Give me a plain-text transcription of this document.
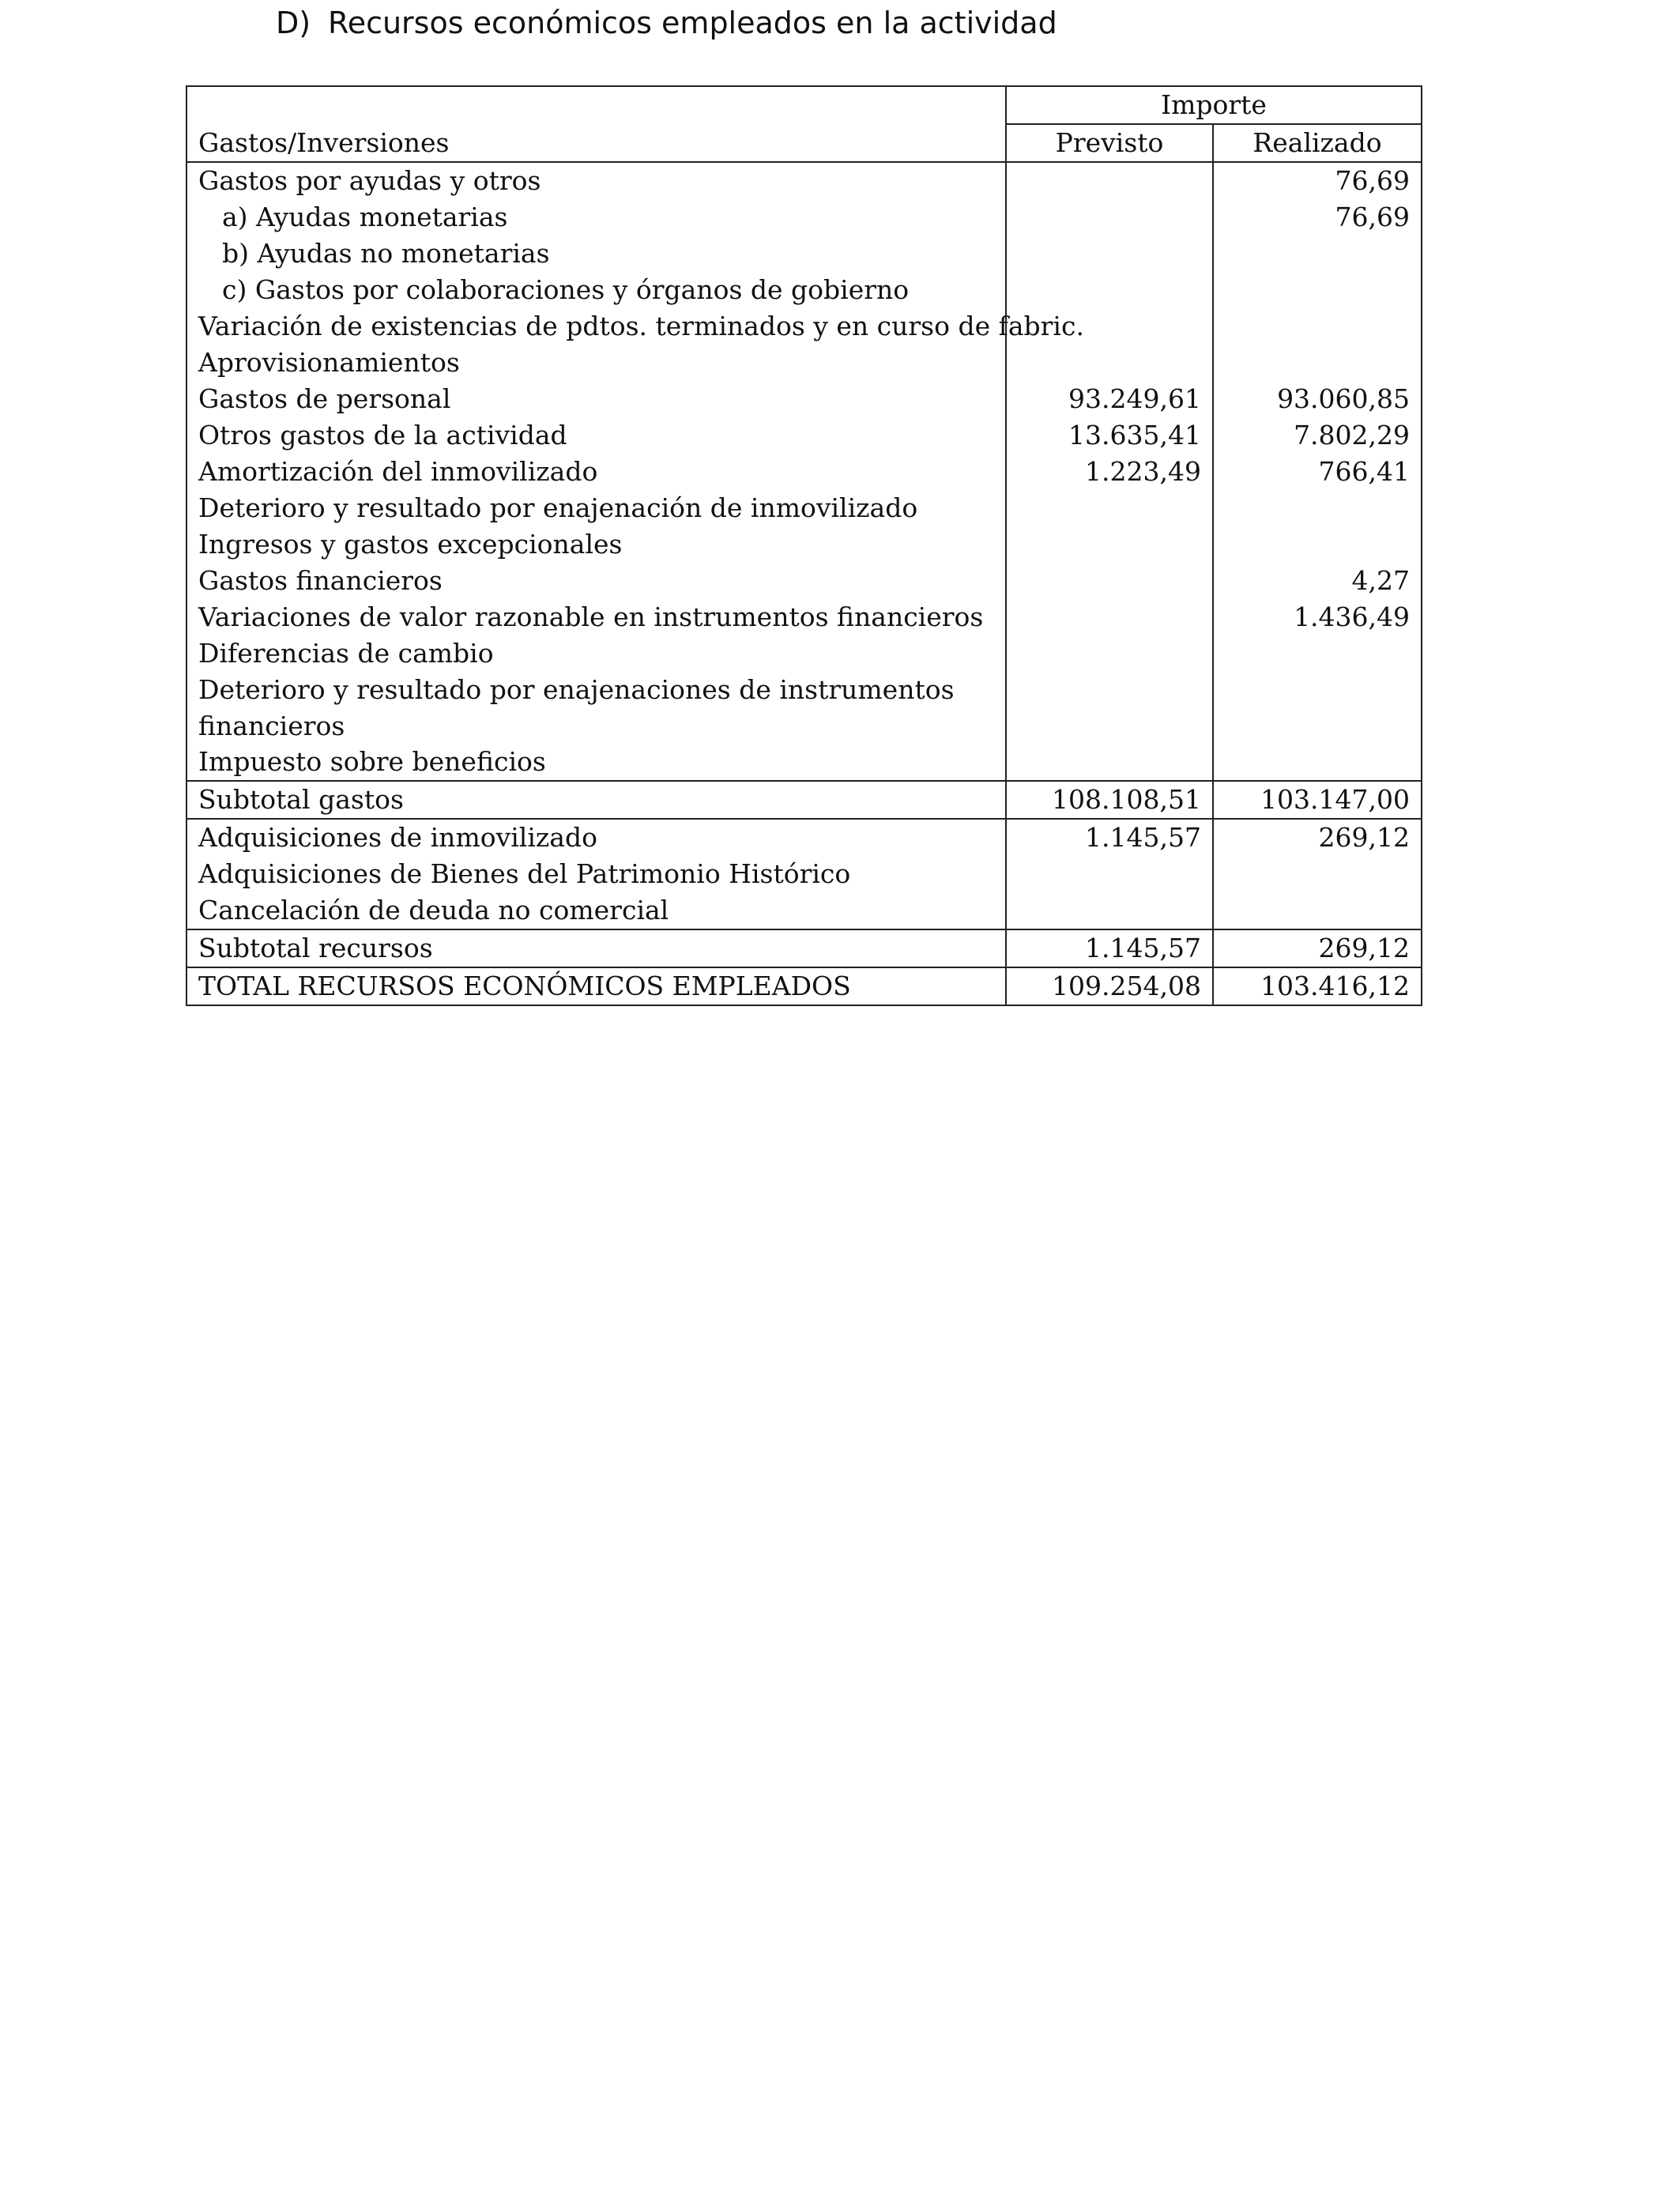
D) Recursos económicos empleados en la actividad
	Importe	
Gastos/Inversiones	Previsto	Realizado
Gastos por ayudas y otros		76,69
a) Ayudas monetarias		76,69
b) Ayudas no monetarias		
c) Gastos por colaboraciones y órganos de gobierno		
Variación de existencias de pdtos. terminados y en curso de fabric.		
Aprovisionamientos		
Gastos de personal	93.249,61	93.060,85
Otros gastos de la actividad	13.635,41	7.802,29
Amortización del inmovilizado	1.223,49	766,41
Deterioro y resultado por enajenación de inmovilizado		
Ingresos y gastos excepcionales		
Gastos financieros		4,27
Variaciones de valor razonable en instrumentos financieros		1.436,49
Diferencias de cambio		
Deterioro y resultado por enajenaciones de instrumentos financieros		
Impuesto sobre beneficios		
Subtotal gastos	108.108,51	103.147,00
Adquisiciones de inmovilizado	1.145,57	269,12
Adquisiciones de Bienes del Patrimonio Histórico		
Cancelación de deuda no comercial		
Subtotal recursos	1.145,57	269,12
TOTAL RECURSOS ECONÓMICOS EMPLEADOS	109.254,08	103.416,12
